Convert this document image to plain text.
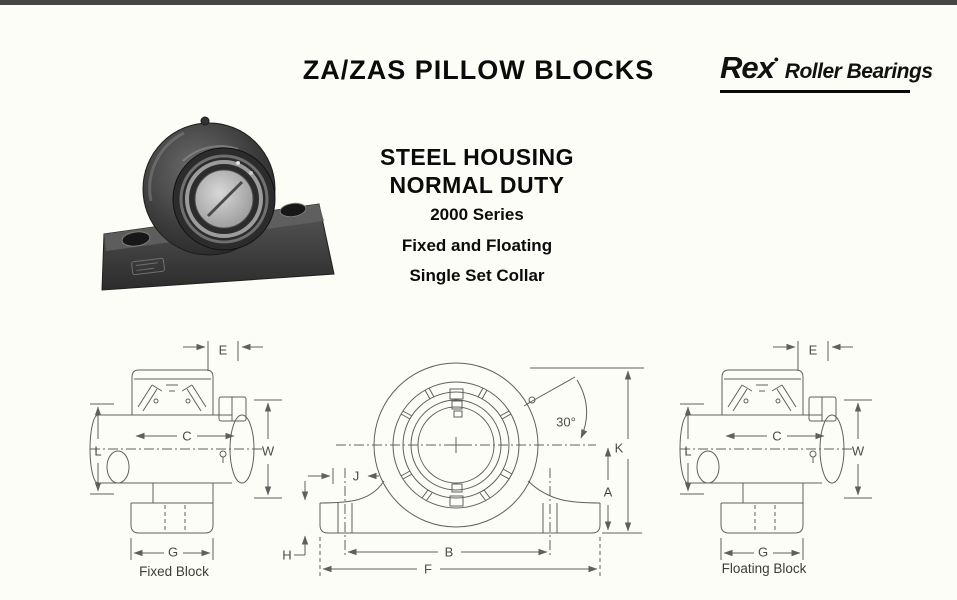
ZA/ZAS PILLOW BLOCKS	Rex•Roller Bearings
STEEL HOUSING
NORMAL DUTY
2000 Series
Fixed and Floating
Single Set Collar
E
C
L	W
G
Fixed Block
30°
J
K
A
H	B
F
E
C
L	W
G
Floating Block
